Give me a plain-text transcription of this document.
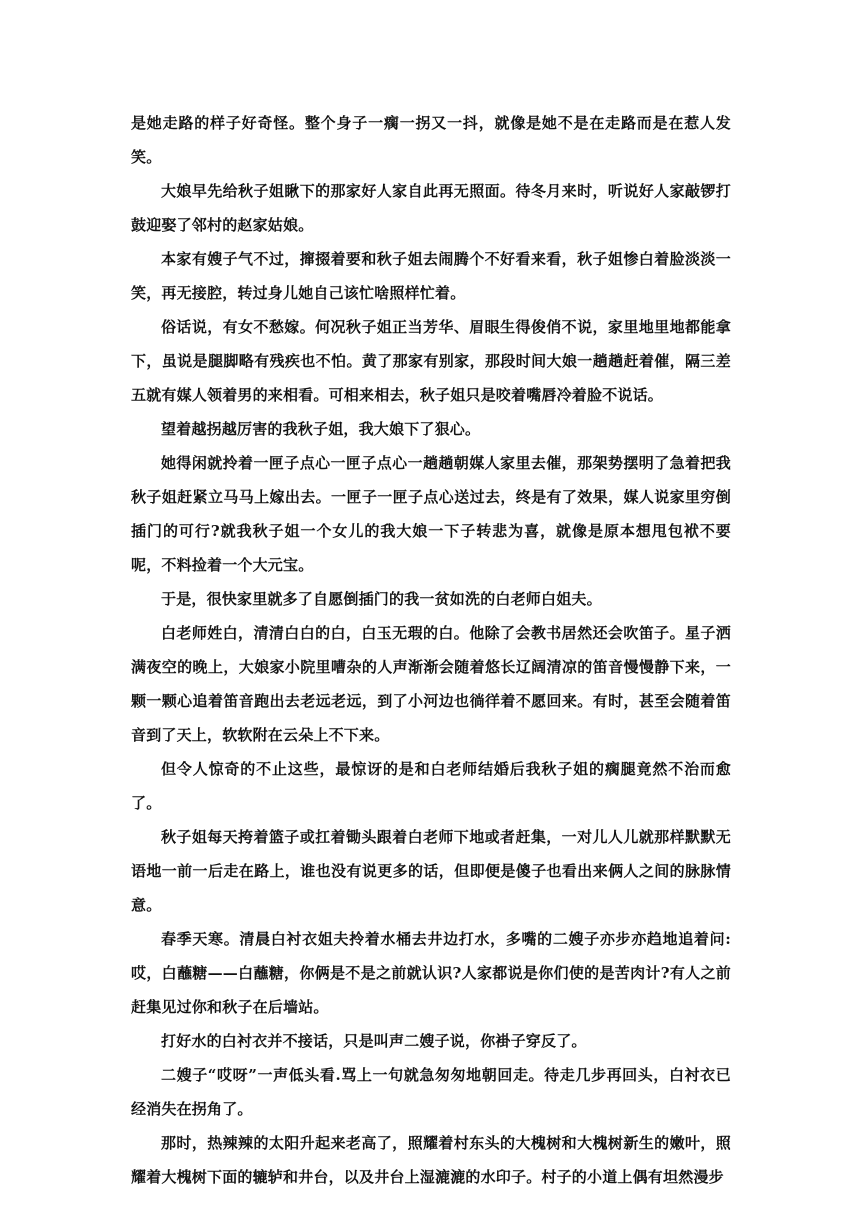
是她走路的样子好奇怪。整个身子一瘸一拐又一抖，就像是她不是在走路而是在惹人发笑。

大娘早先给秋子姐瞅下的那家好人家自此再无照面。待冬月来时，听说好人家敲锣打鼓迎娶了邻村的赵家姑娘。

本家有嫂子气不过，撺掇着要和秋子姐去闹腾个不好看来看，秋子姐惨白着脸淡淡一笑，再无接腔，转过身儿她自己该忙啥照样忙着。

俗话说，有女不愁嫁。何况秋子姐正当芳华、眉眼生得俊俏不说，家里地里地都能拿下，虽说是腿脚略有残疾也不怕。黄了那家有别家，那段时间大娘一趟趟赶着催，隔三差五就有媒人领着男的来相看。可相来相去，秋子姐只是咬着嘴唇冷着脸不说话。

望着越拐越厉害的我秋子姐，我大娘下了狠心。

她得闲就拎着一匣子点心一匣子点心一趟趟朝媒人家里去催，那架势摆明了急着把我秋子姐赶紧立马马上嫁出去。一匣子一匣子点心送过去，终是有了效果，媒人说家里穷倒插门的可行?就我秋子姐一个女儿的我大娘一下子转悲为喜，就像是原本想甩包袱不要呢，不料捡着一个大元宝。

于是，很快家里就多了自愿倒插门的我一贫如洗的白老师白姐夫。

白老师姓白，清清白白的白，白玉无瑕的白。他除了会教书居然还会吹笛子。星子洒满夜空的晚上，大娘家小院里嘈杂的人声渐渐会随着悠长辽阔清凉的笛音慢慢静下来，一颗一颗心追着笛音跑出去老远老远，到了小河边也徜徉着不愿回来。有时，甚至会随着笛音到了天上，软软附在云朵上不下来。

但令人惊奇的不止这些，最惊讶的是和白老师结婚后我秋子姐的瘸腿竟然不治而愈了。

秋子姐每天挎着篮子或扛着锄头跟着白老师下地或者赶集，一对儿人儿就那样默默无语地一前一后走在路上，谁也没有说更多的话，但即便是傻子也看出来俩人之间的脉脉情意。

春季天寒。清晨白衬衣姐夫拎着水桶去井边打水，多嘴的二嫂子亦步亦趋地追着问:哎，白蘸糖——白蘸糖，你俩是不是之前就认识?人家都说是你们使的是苦肉计?有人之前赶集见过你和秋子在后墙站。

打好水的白衬衣并不接话，只是叫声二嫂子说，你褂子穿反了。

二嫂子“哎呀”一声低头看.骂上一句就急匆匆地朝回走。待走几步再回头，白衬衣已经消失在拐角了。

那时，热辣辣的太阳升起来老高了，照耀着村东头的大槐树和大槐树新生的嫩叶，照耀着大槐树下面的辘轳和井台，以及井台上湿漉漉的水印子。村子的小道上偶有坦然漫步
